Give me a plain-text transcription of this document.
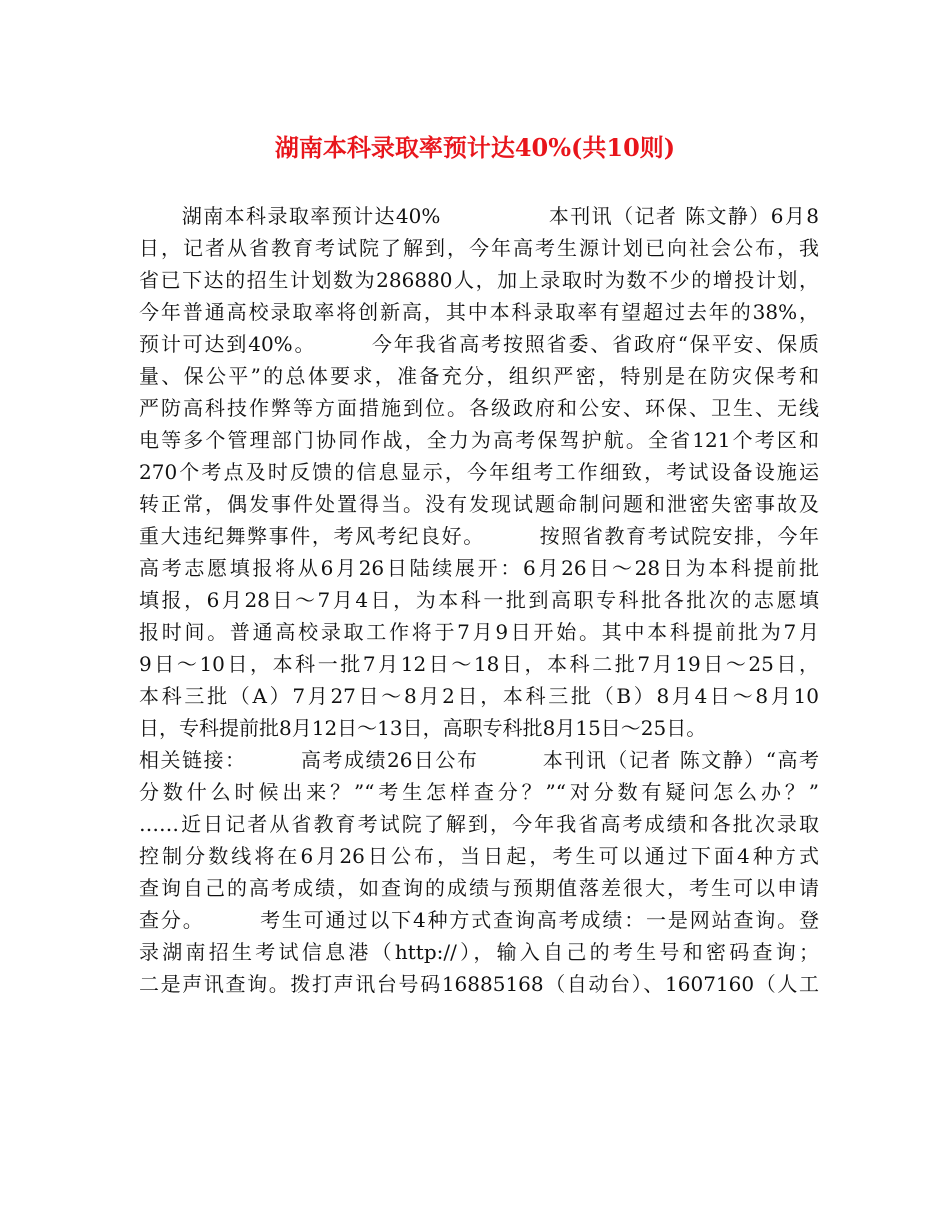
湖南本科录取率预计达40%(共10则)
　　湖南本科录取率预计达40%　　　　　本刊讯（记者 陈文静）6月8
日，记者从省教育考试院了解到，今年高考生源计划已向社会公布，我
省已下达的招生计划数为286880人，加上录取时为数不少的增投计划，
今年普通高校录取率将创新高，其中本科录取率有望超过去年的38%，
预计可达到40%。　　　今年我省高考按照省委、省政府“保平安、保质
量、保公平”的总体要求，准备充分，组织严密，特别是在防灾保考和
严防高科技作弊等方面措施到位。各级政府和公安、环保、卫生、无线
电等多个管理部门协同作战，全力为高考保驾护航。全省121个考区和
270个考点及时反馈的信息显示，今年组考工作细致，考试设备设施运
转正常，偶发事件处置得当。没有发现试题命制问题和泄密失密事故及
重大违纪舞弊事件，考风考纪良好。　　　按照省教育考试院安排，今年
高考志愿填报将从6月26日陆续展开：6月26日～28日为本科提前批
填报，6月28日～7月4日，为本科一批到高职专科批各批次的志愿填
报时间。普通高校录取工作将于7月9日开始。其中本科提前批为7月
9日～10日，本科一批7月12日～18日，本科二批7月19日～25日，
本科三批（A）7月27日～8月2日，本科三批（B）8月4日～8月10
日，专科提前批8月12日～13日，高职专科批8月15日～25日。
相关链接：　　　高考成绩26日公布　　　本刊讯（记者 陈文静）“高考
分数什么时候出来？”“考生怎样查分？”“对分数有疑问怎么办？”
……近日记者从省教育考试院了解到，今年我省高考成绩和各批次录取
控制分数线将在6月26日公布，当日起，考生可以通过下面4种方式
查询自己的高考成绩，如查询的成绩与预期值落差很大，考生可以申请
查分。　　　考生可通过以下4种方式查询高考成绩：一是网站查询。登
录湖南招生考试信息港（http://），输入自己的考生号和密码查询；
二是声讯查询。拨打声讯台号码16885168（自动台）、1607160（人工
